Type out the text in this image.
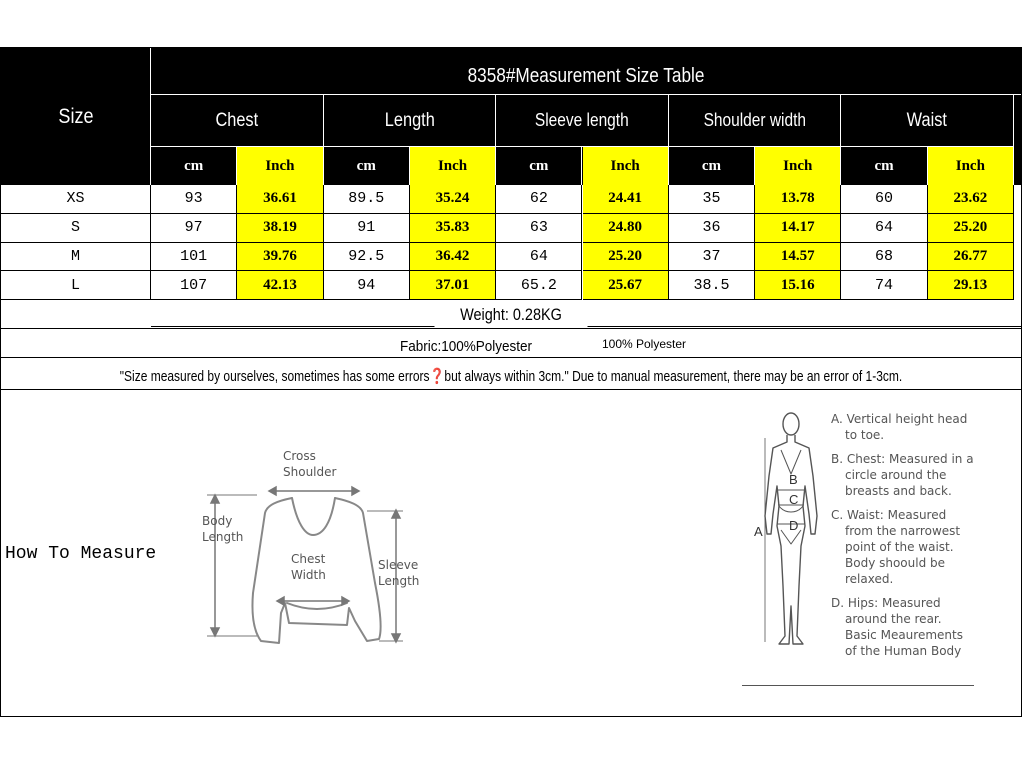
Size
8358#Measurement Size Table
Chest	Length	Sleeve length	Shoulder width	Waist
cm	Inch	cm	Inch	cm	Inch	cm	Inch	cm	Inch
XS	93	36.61	89.5	35.24	62	24.41	35	13.78	60	23.62
S	97	38.19	91	35.83	63	24.80	36	14.17	64	25.20
M	101	39.76	92.5	36.42	64	25.20	37	14.57	68	26.77
L	107	42.13	94	37.01	65.2	25.67	38.5	15.16	74	29.13
Weight: 0.28KG
Fabric:100%Polyester	100% Polyester
"Size measured by ourselves, sometimes has some errors❓but always within 3cm." Due to manual measurement, there may be an error of 1-3cm.
How To Measure
Cross
Shoulder
Body
Length
Chest
Width
Sleeve
Length
A
B
C
D
A. Vertical height head
to toe.
B. Chest: Measured in a
circle around the
breasts and back.
C. Waist: Measured
from the narrowest
point of the waist.
Body shoould be
relaxed.
D. Hips: Measured
around the rear.
Basic Meaurements
of the Human Body
